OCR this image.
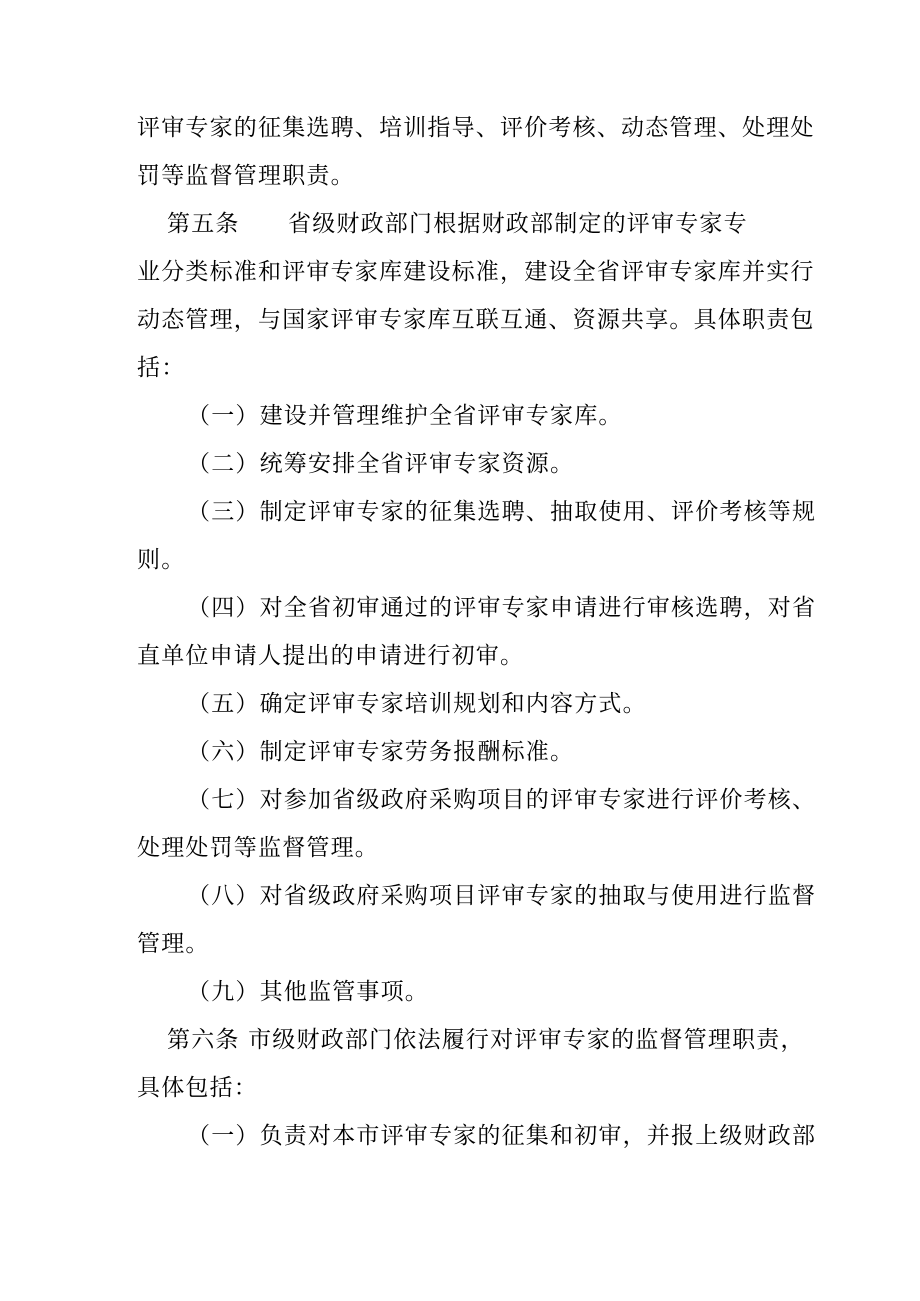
评审专家的征集选聘、培训指导、评价考核、动态管理、处理处
罚等监督管理职责。
第五条　　省级财政部门根据财政部制定的评审专家专
业分类标准和评审专家库建设标准，建设全省评审专家库并实行
动态管理，与国家评审专家库互联互通、资源共享。具体职责包
括：
（一）建设并管理维护全省评审专家库。
（二）统筹安排全省评审专家资源。
（三）制定评审专家的征集选聘、抽取使用、评价考核等规
则。
（四）对全省初审通过的评审专家申请进行审核选聘，对省
直单位申请人提出的申请进行初审。
（五）确定评审专家培训规划和内容方式。
（六）制定评审专家劳务报酬标准。
（七）对参加省级政府采购项目的评审专家进行评价考核、
处理处罚等监督管理。
（八）对省级政府采购项目评审专家的抽取与使用进行监督
管理。
（九）其他监管事项。
第六条 市级财政部门依法履行对评审专家的监督管理职责，
具体包括：
（一）负责对本市评审专家的征集和初审，并报上级财政部
